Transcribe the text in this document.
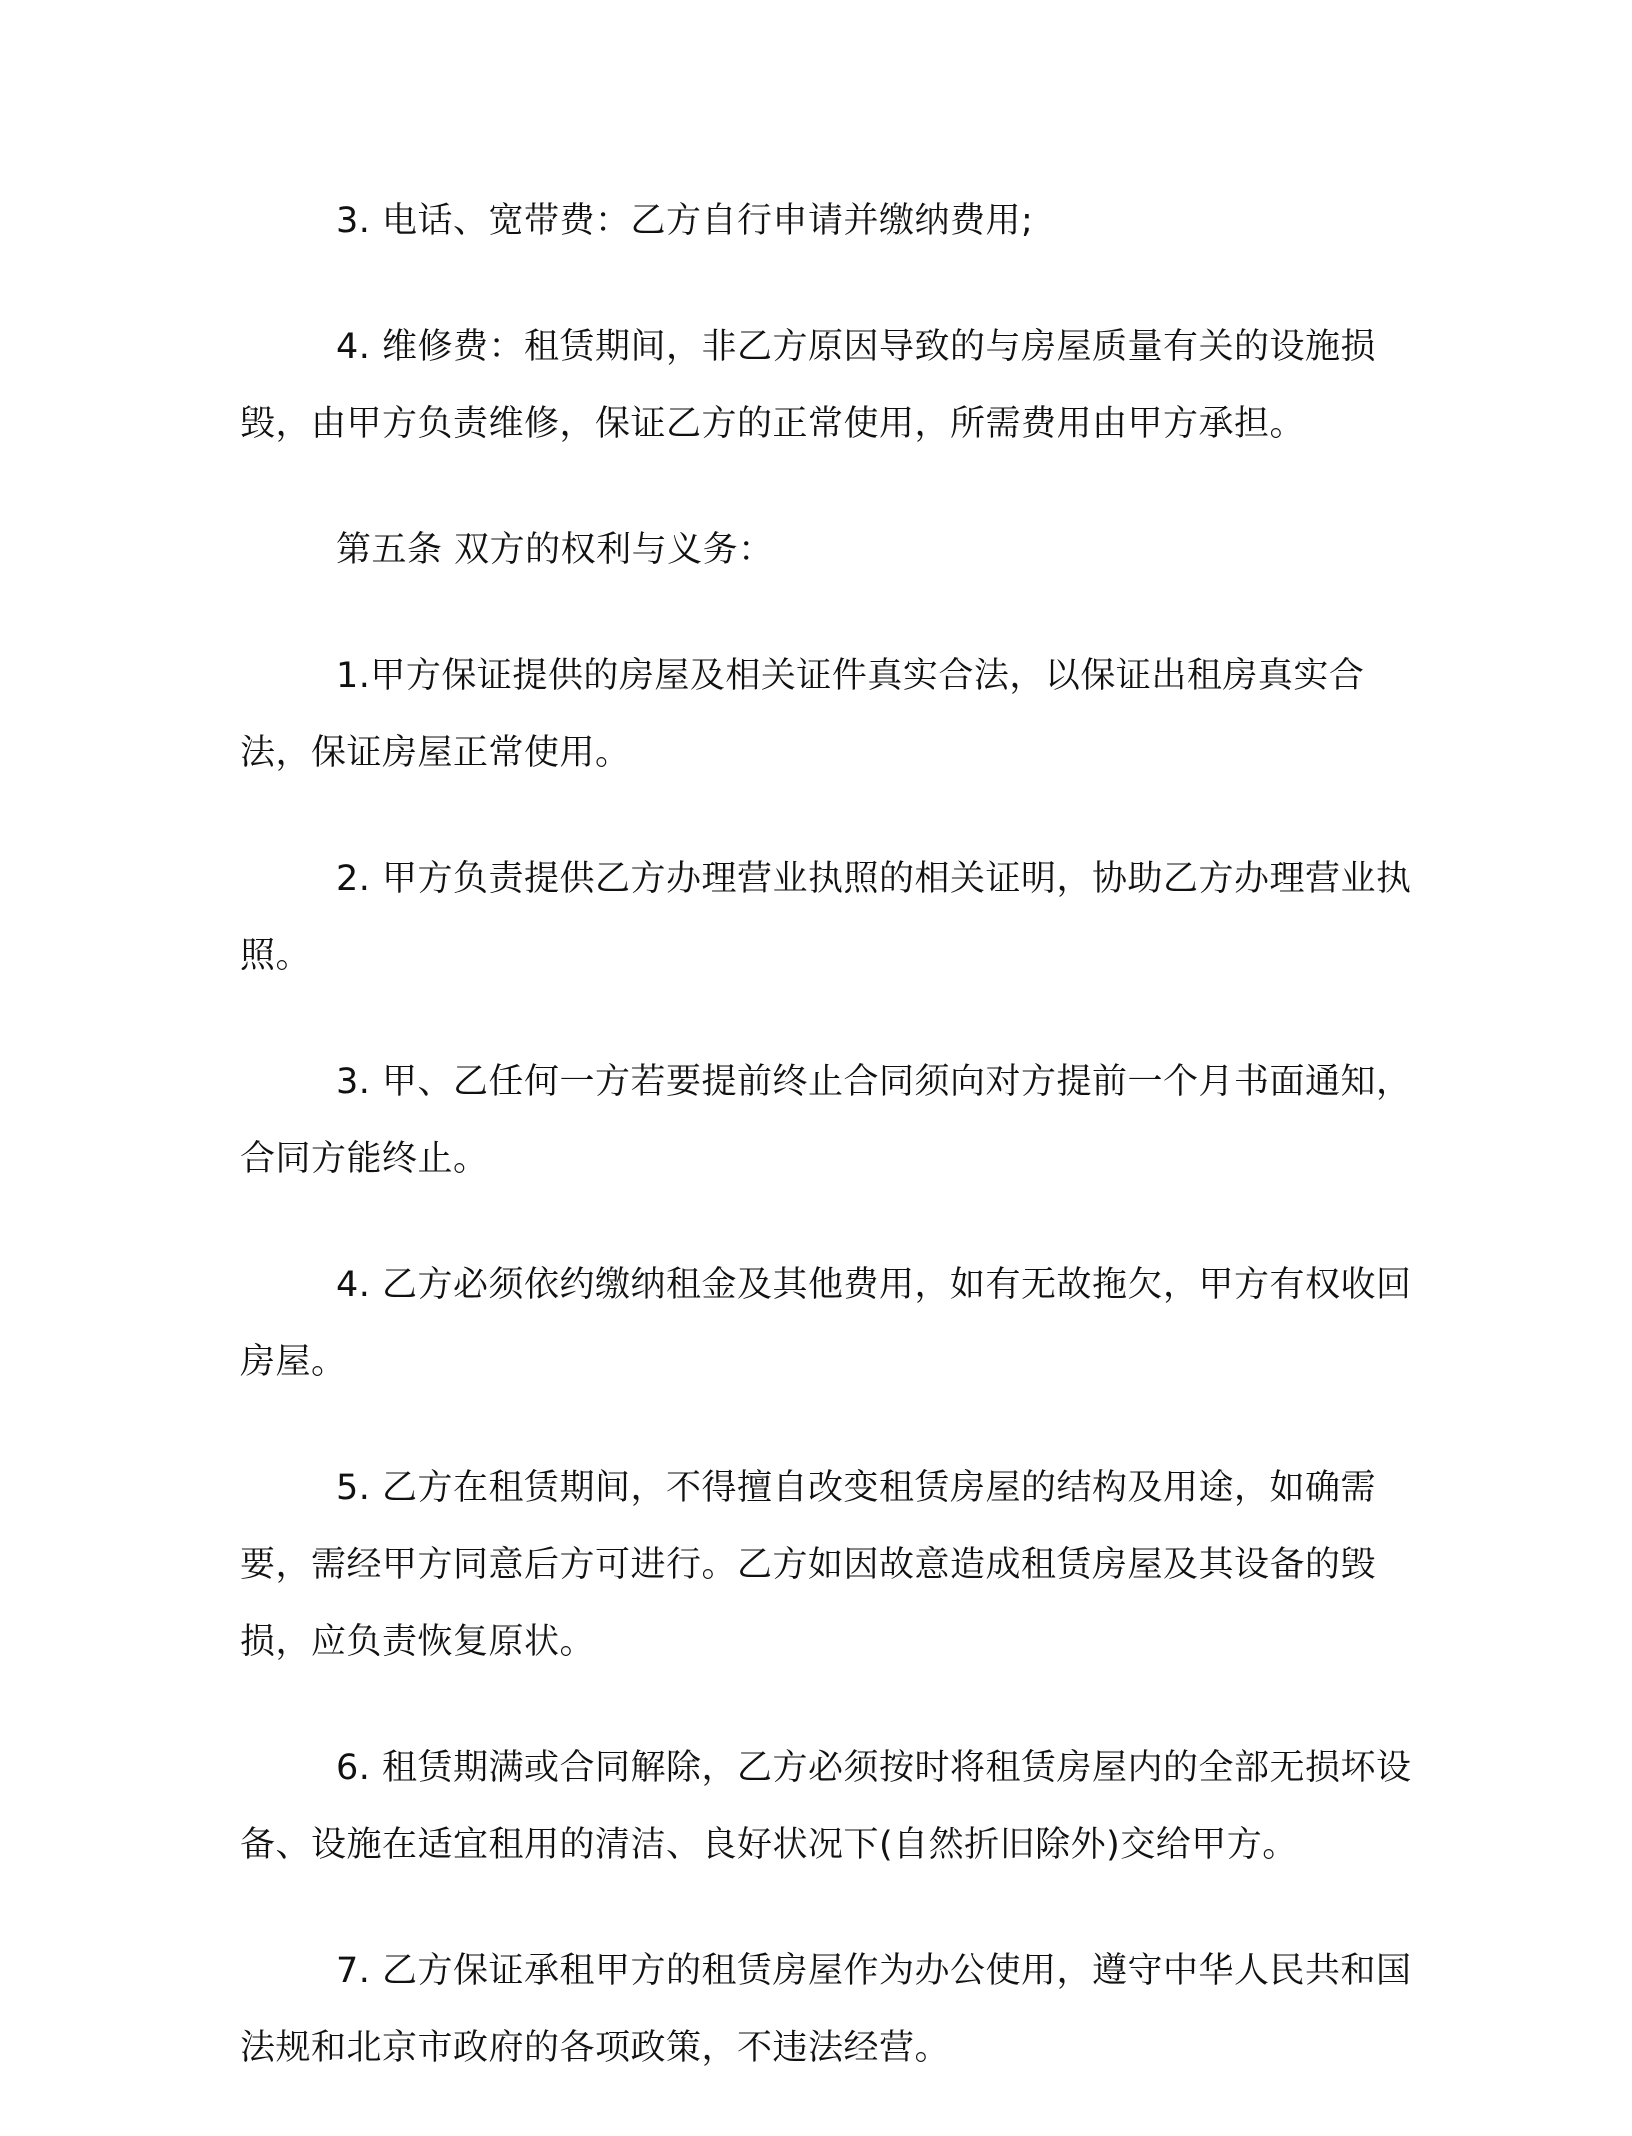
3. 电话、宽带费：乙方自行申请并缴纳费用;

4. 维修费：租赁期间，非乙方原因导致的与房屋质量有关的设施损毁，由甲方负责维修，保证乙方的正常使用，所需费用由甲方承担。

第五条 双方的权利与义务：

1.甲方保证提供的房屋及相关证件真实合法，以保证出租房真实合法，保证房屋正常使用。

2. 甲方负责提供乙方办理营业执照的相关证明，协助乙方办理营业执照。

3. 甲、乙任何一方若要提前终止合同须向对方提前一个月书面通知，合同方能终止。

4. 乙方必须依约缴纳租金及其他费用，如有无故拖欠，甲方有权收回房屋。

5. 乙方在租赁期间，不得擅自改变租赁房屋的结构及用途，如确需要，需经甲方同意后方可进行。乙方如因故意造成租赁房屋及其设备的毁损，应负责恢复原状。

6. 租赁期满或合同解除，乙方必须按时将租赁房屋内的全部无损坏设备、设施在适宜租用的清洁、良好状况下(自然折旧除外)交给甲方。

7. 乙方保证承租甲方的租赁房屋作为办公使用，遵守中华人民共和国法规和北京市政府的各项政策，不违法经营。
